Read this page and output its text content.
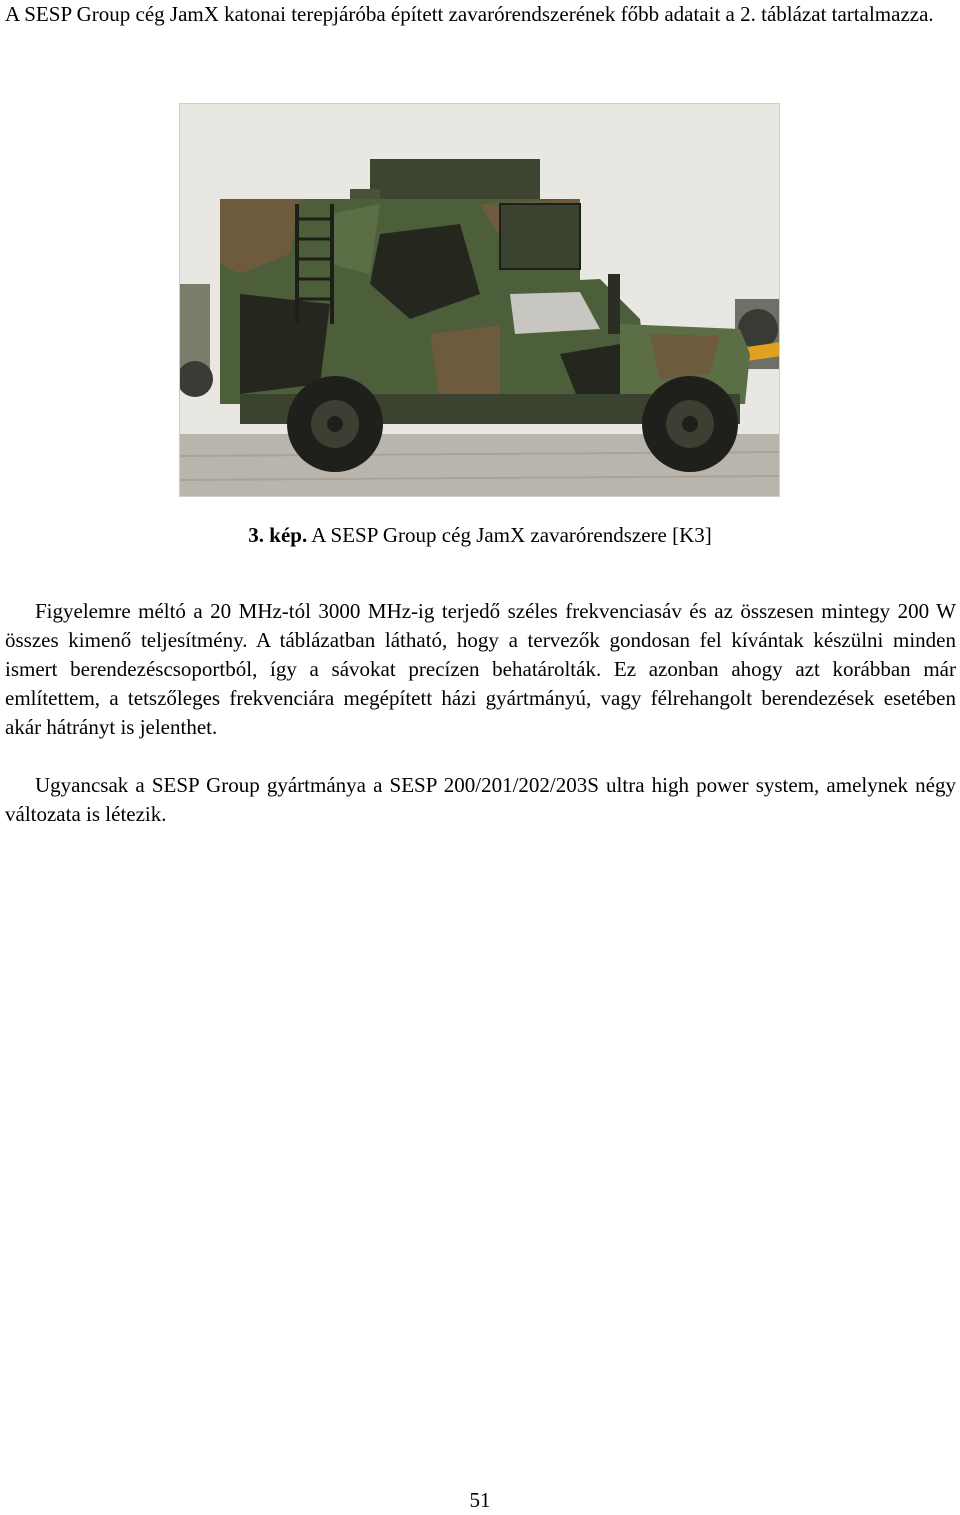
A SESP Group cég JamX katonai terepjáróba épített zavarórendszerének főbb adatait a 2. táblázat tartalmazza.

3. kép. A SESP Group cég JamX zavarórendszere [K3]

Figyelemre méltó a 20 MHz-tól 3000 MHz-ig terjedő széles frekvenciasáv és az összesen mintegy 200 W összes kimenő teljesítmény. A táblázatban látható, hogy a tervezők gondosan fel kívántak készülni minden ismert berendezéscsoportból, így a sávokat precízen behatárolták. Ez azonban ahogy azt korábban már említettem, a tetszőleges frekvenciára megépített házi gyártmányú, vagy félrehangolt berendezések esetében akár hátrányt is jelenthet.

Ugyancsak a SESP Group gyártmánya a SESP 200/201/202/203S ultra high power system, amelynek négy változata is létezik.

51
